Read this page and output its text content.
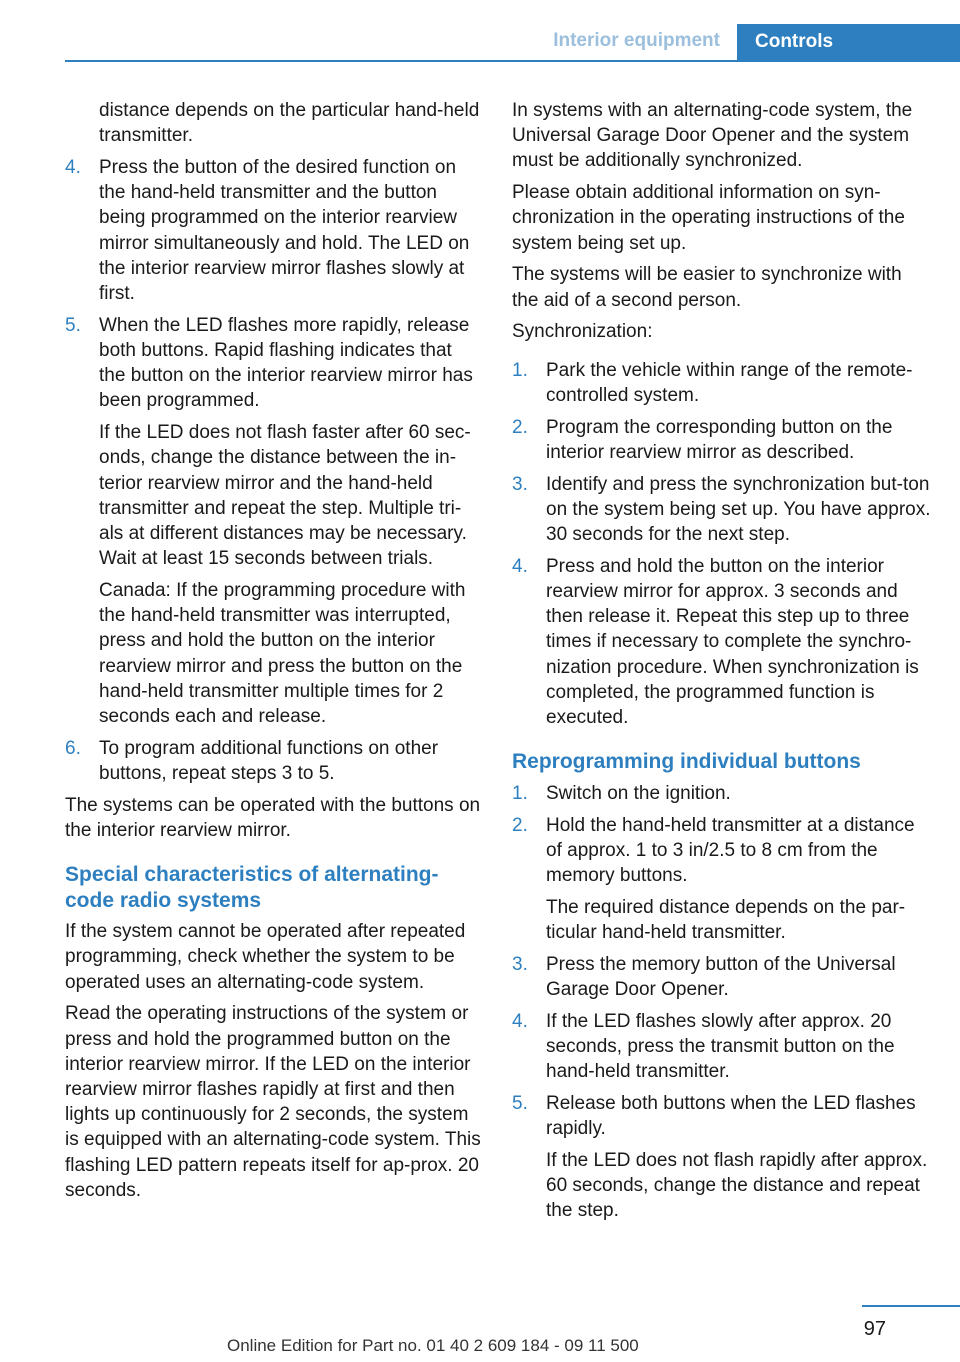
Interior equipment	Controls
distance depends on the particular hand‐held transmitter.
4. Press the button of the desired function on the hand‐held transmitter and the button being programmed on the interior rearview mirror simultaneously and hold. The LED on the interior rearview mirror flashes slowly at first.
5. When the LED flashes more rapidly, release both buttons. Rapid flashing indicates that the button on the interior rearview mirror has been programmed.
If the LED does not flash faster after 60 sec‐onds, change the distance between the in‐terior rearview mirror and the hand‐held transmitter and repeat the step. Multiple tri‐als at different distances may be necessary. Wait at least 15 seconds between trials.
Canada: If the programming procedure with the hand‐held transmitter was interrupted, press and hold the button on the interior rearview mirror and press the button on the hand‐held transmitter multiple times for 2 seconds each and release.
6. To program additional functions on other buttons, repeat steps 3 to 5.
The systems can be operated with the buttons on the interior rearview mirror.
Special characteristics of alternating-code radio systems
If the system cannot be operated after repeated programming, check whether the system to be operated uses an alternating‐code system.
Read the operating instructions of the system or press and hold the programmed button on the interior rearview mirror. If the LED on the interior rearview mirror flashes rapidly at first and then lights up continuously for 2 seconds, the system is equipped with an alternating‐code system. This flashing LED pattern repeats itself for ap‐prox. 20 seconds.
In systems with an alternating‐code system, the Universal Garage Door Opener and the system must be additionally synchronized.
Please obtain additional information on syn‐chronization in the operating instructions of the system being set up.
The systems will be easier to synchronize with the aid of a second person.
Synchronization:
1. Park the vehicle within range of the remote-controlled system.
2. Program the corresponding button on the interior rearview mirror as described.
3. Identify and press the synchronization but‐ton on the system being set up. You have approx. 30 seconds for the next step.
4. Press and hold the button on the interior rearview mirror for approx. 3 seconds and then release it. Repeat this step up to three times if necessary to complete the synchro‐nization procedure. When synchronization is completed, the programmed function is executed.
Reprogramming individual buttons
1. Switch on the ignition.
2. Hold the hand‐held transmitter at a distance of approx. 1 to 3 in/2.5 to 8 cm from the memory buttons.
The required distance depends on the par‐ticular hand‐held transmitter.
3. Press the memory button of the Universal Garage Door Opener.
4. If the LED flashes slowly after approx. 20 seconds, press the transmit button on the hand‐held transmitter.
5. Release both buttons when the LED flashes rapidly.
If the LED does not flash rapidly after approx. 60 seconds, change the distance and repeat the step.
97
Online Edition for Part no. 01 40 2 609 184 - 09 11 500
